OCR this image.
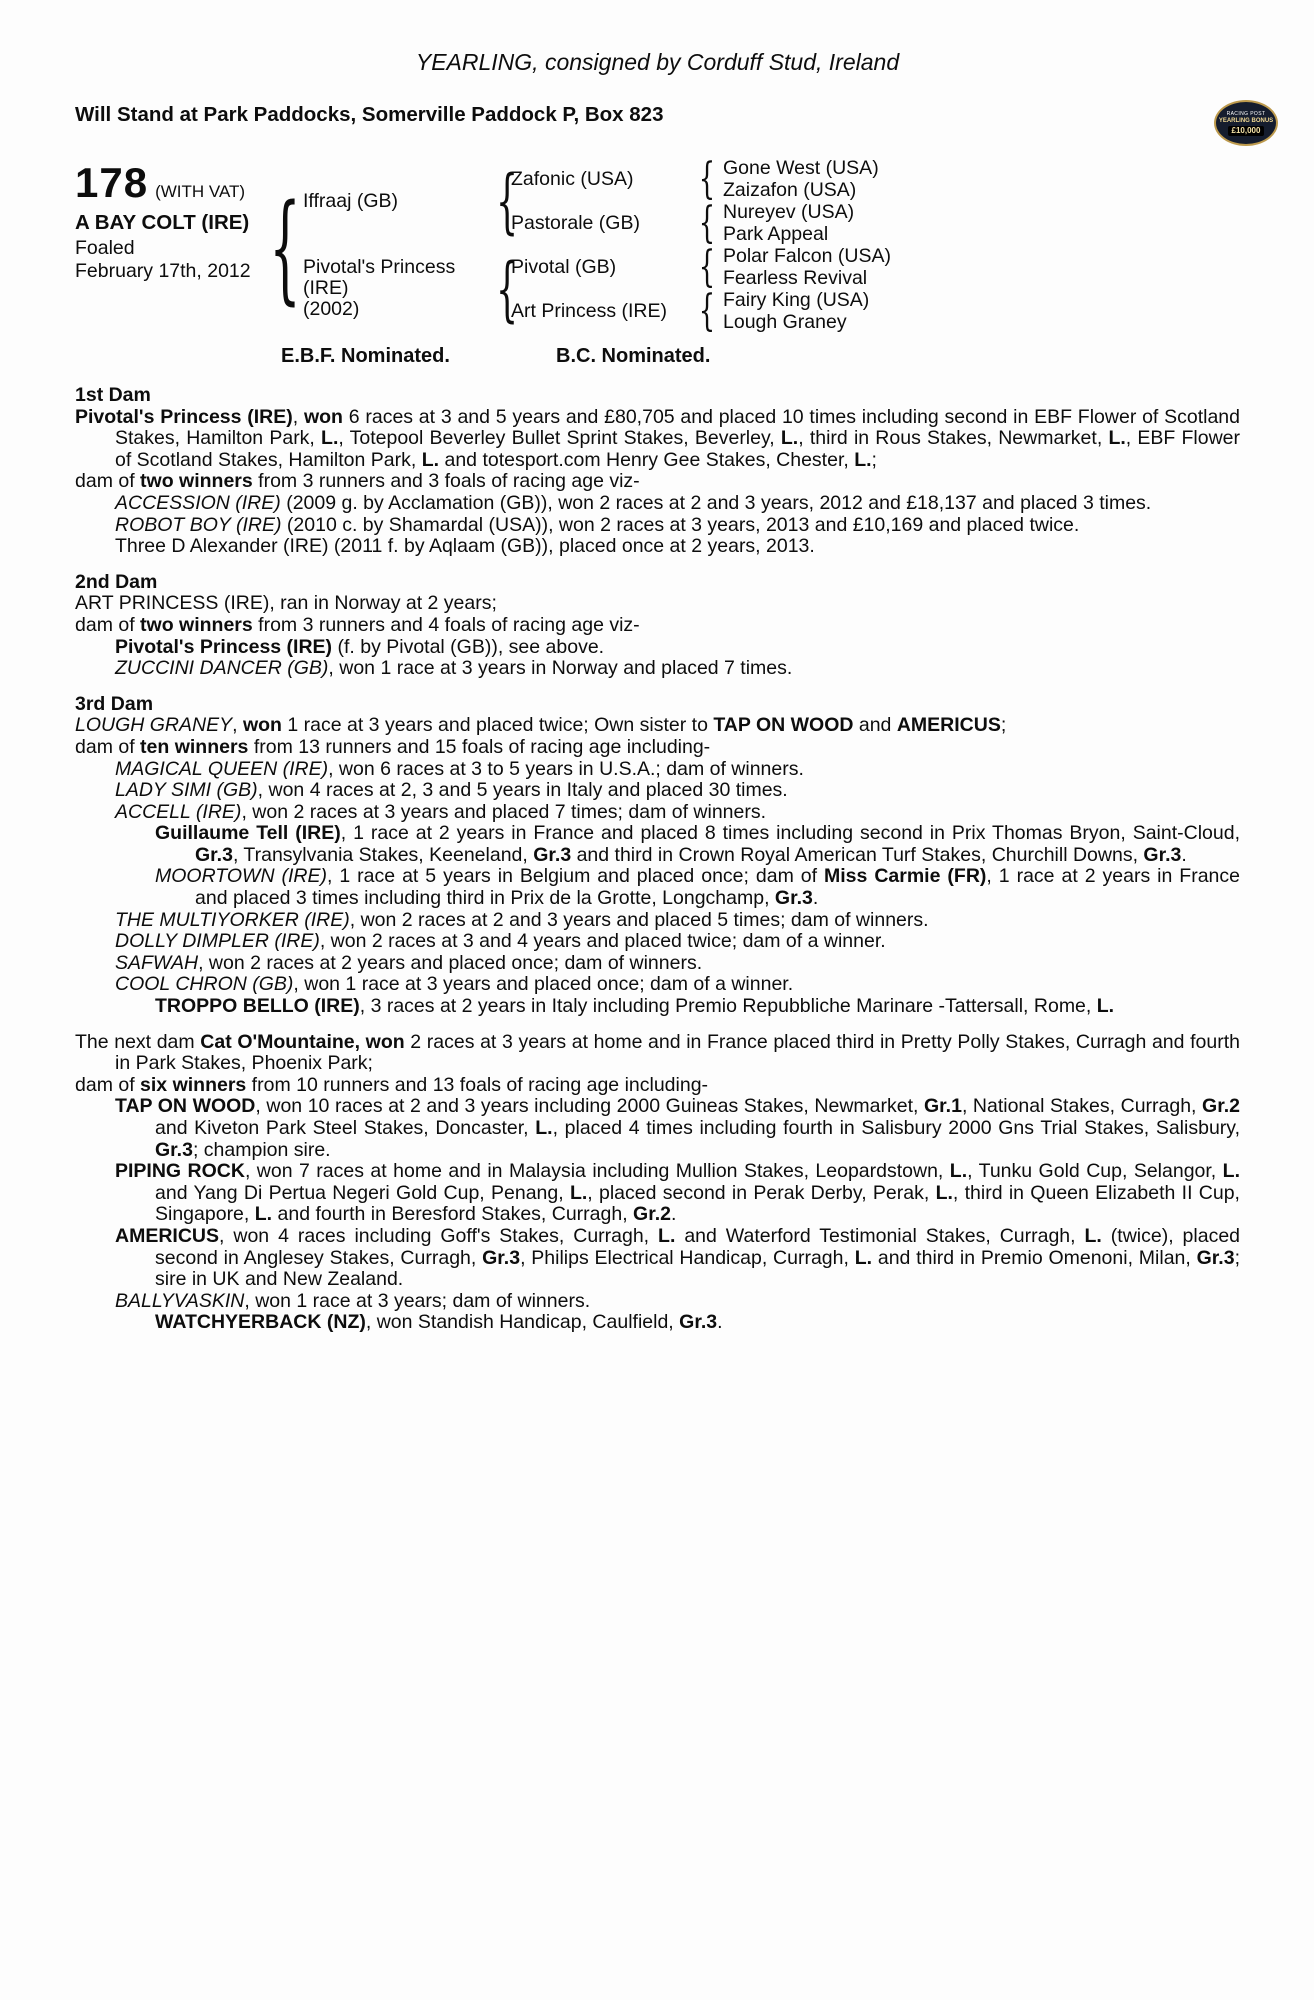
YEARLING, consigned by Corduff Stud, Ireland
Will Stand at Park Paddocks, Somerville Paddock P, Box 823	RACING POST
YEARLING BONUS
£10,000
178 (WITH VAT)
A BAY COLT (IRE)
Foaled
February 17th, 2012 { Iffraaj (GB)
Pivotal's Princess
(IRE)
(2002)
{
{
Zafonic (USA)
Pastorale (GB)
Pivotal (GB)
Art Princess (IRE)
{
{
{
{
Gone West (USA)
Zaizafon (USA)
Nureyev (USA)
Park Appeal
Polar Falcon (USA)
Fearless Revival
Fairy King (USA)
Lough Graney
E.B.F. Nominated.	B.C. Nominated.
1st Dam
Pivotal's Princess (IRE), won 6 races at 3 and 5 years and £80,705 and placed 10 times including second in EBF Flower of Scotland Stakes, Hamilton Park, L., Totepool Beverley Bullet Sprint Stakes, Beverley, L., third in Rous Stakes, Newmarket, L., EBF Flower of Scotland Stakes, Hamilton Park, L. and totesport.com Henry Gee Stakes, Chester, L.;
dam of two winners from 3 runners and 3 foals of racing age viz-
ACCESSION (IRE) (2009 g. by Acclamation (GB)), won 2 races at 2 and 3 years, 2012 and £18,137 and placed 3 times.
ROBOT BOY (IRE) (2010 c. by Shamardal (USA)), won 2 races at 3 years, 2013 and £10,169 and placed twice.
Three D Alexander (IRE) (2011 f. by Aqlaam (GB)), placed once at 2 years, 2013.
2nd Dam
ART PRINCESS (IRE), ran in Norway at 2 years;
dam of two winners from 3 runners and 4 foals of racing age viz-
Pivotal's Princess (IRE) (f. by Pivotal (GB)), see above.
ZUCCINI DANCER (GB), won 1 race at 3 years in Norway and placed 7 times.
3rd Dam
LOUGH GRANEY, won 1 race at 3 years and placed twice; Own sister to TAP ON WOOD and AMERICUS;
dam of ten winners from 13 runners and 15 foals of racing age including-
MAGICAL QUEEN (IRE), won 6 races at 3 to 5 years in U.S.A.; dam of winners.
LADY SIMI (GB), won 4 races at 2, 3 and 5 years in Italy and placed 30 times.
ACCELL (IRE), won 2 races at 3 years and placed 7 times; dam of winners.
Guillaume Tell (IRE), 1 race at 2 years in France and placed 8 times including second in Prix Thomas Bryon, Saint-Cloud, Gr.3, Transylvania Stakes, Keeneland, Gr.3 and third in Crown Royal American Turf Stakes, Churchill Downs, Gr.3.
MOORTOWN (IRE), 1 race at 5 years in Belgium and placed once; dam of Miss Carmie (FR), 1 race at 2 years in France and placed 3 times including third in Prix de la Grotte, Longchamp, Gr.3.
THE MULTIYORKER (IRE), won 2 races at 2 and 3 years and placed 5 times; dam of winners.
DOLLY DIMPLER (IRE), won 2 races at 3 and 4 years and placed twice; dam of a winner.
SAFWAH, won 2 races at 2 years and placed once; dam of winners.
COOL CHRON (GB), won 1 race at 3 years and placed once; dam of a winner.
TROPPO BELLO (IRE), 3 races at 2 years in Italy including Premio Repubbliche Marinare -Tattersall, Rome, L.
The next dam Cat O'Mountaine, won 2 races at 3 years at home and in France placed third in Pretty Polly Stakes, Curragh and fourth in Park Stakes, Phoenix Park;
dam of six winners from 10 runners and 13 foals of racing age including-
TAP ON WOOD, won 10 races at 2 and 3 years including 2000 Guineas Stakes, Newmarket, Gr.1, National Stakes, Curragh, Gr.2 and Kiveton Park Steel Stakes, Doncaster, L., placed 4 times including fourth in Salisbury 2000 Gns Trial Stakes, Salisbury, Gr.3; champion sire.
PIPING ROCK, won 7 races at home and in Malaysia including Mullion Stakes, Leopardstown, L., Tunku Gold Cup, Selangor, L. and Yang Di Pertua Negeri Gold Cup, Penang, L., placed second in Perak Derby, Perak, L., third in Queen Elizabeth II Cup, Singapore, L. and fourth in Beresford Stakes, Curragh, Gr.2.
AMERICUS, won 4 races including Goff's Stakes, Curragh, L. and Waterford Testimonial Stakes, Curragh, L. (twice), placed second in Anglesey Stakes, Curragh, Gr.3, Philips Electrical Handicap, Curragh, L. and third in Premio Omenoni, Milan, Gr.3; sire in UK and New Zealand.
BALLYVASKIN, won 1 race at 3 years; dam of winners.
WATCHYERBACK (NZ), won Standish Handicap, Caulfield, Gr.3.
